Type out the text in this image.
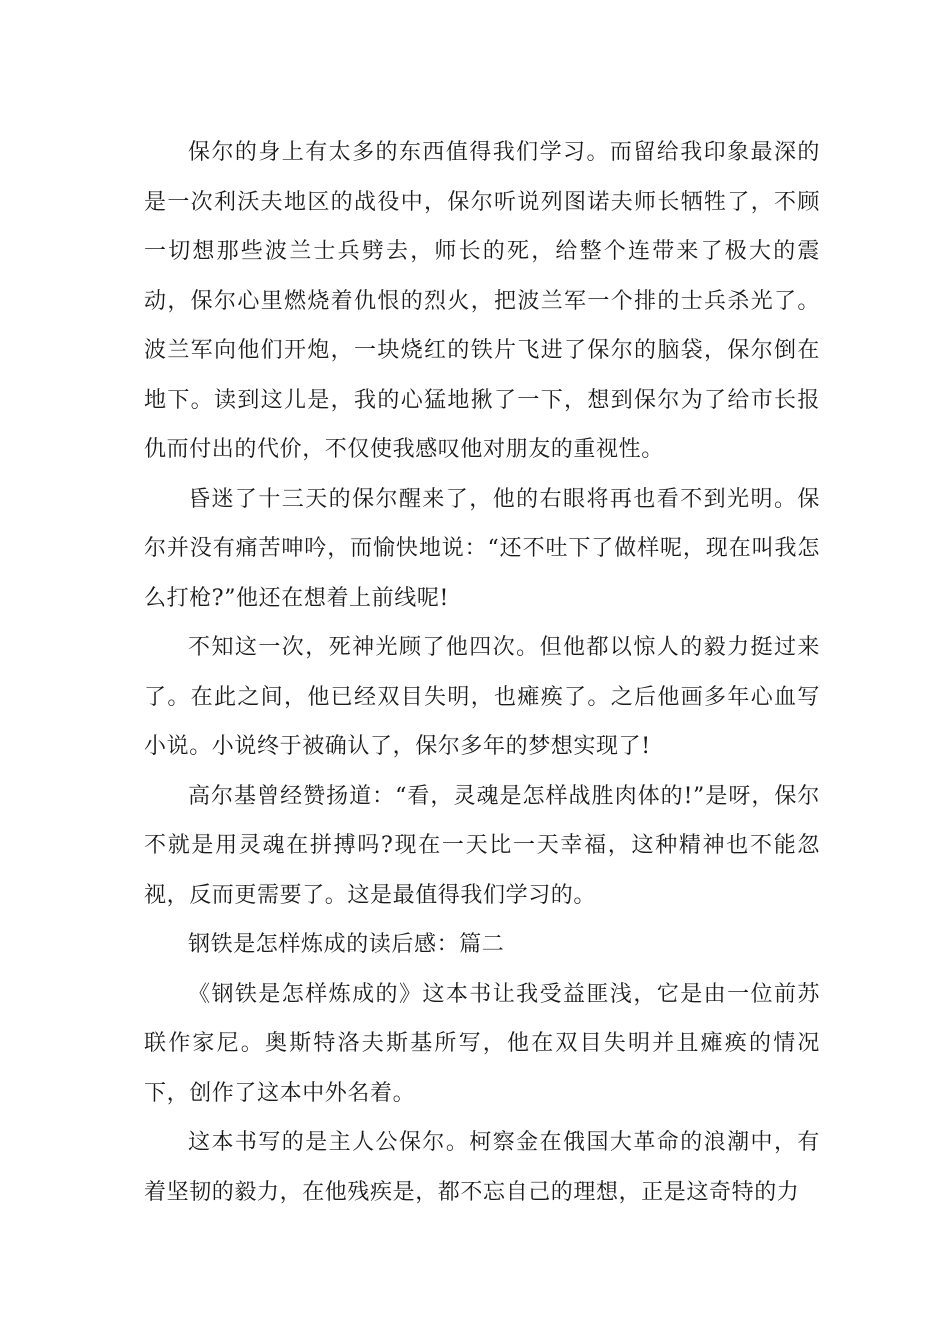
保尔的身上有太多的东西值得我们学习。而留给我印象最深的是一次利沃夫地区的战役中，保尔听说列图诺夫师长牺牲了，不顾一切想那些波兰士兵劈去，师长的死，给整个连带来了极大的震动，保尔心里燃烧着仇恨的烈火，把波兰军一个排的士兵杀光了。波兰军向他们开炮，一块烧红的铁片飞进了保尔的脑袋，保尔倒在地下。读到这儿是，我的心猛地揪了一下，想到保尔为了给市长报仇而付出的代价，不仅使我感叹他对朋友的重视性。

昏迷了十三天的保尔醒来了，他的右眼将再也看不到光明。保尔并没有痛苦呻吟，而愉快地说：“还不吐下了做样呢，现在叫我怎么打枪?”他还在想着上前线呢!

不知这一次，死神光顾了他四次。但他都以惊人的毅力挺过来了。在此之间，他已经双目失明，也瘫痪了。之后他画多年心血写小说。小说终于被确认了，保尔多年的梦想实现了!

高尔基曾经赞扬道：“看，灵魂是怎样战胜肉体的!”是呀，保尔不就是用灵魂在拼搏吗?现在一天比一天幸福，这种精神也不能忽视，反而更需要了。这是最值得我们学习的。

钢铁是怎样炼成的读后感：篇二

《钢铁是怎样炼成的》这本书让我受益匪浅，它是由一位前苏联作家尼。奥斯特洛夫斯基所写，他在双目失明并且瘫痪的情况下，创作了这本中外名着。

这本书写的是主人公保尔。柯察金在俄国大革命的浪潮中，有着坚韧的毅力，在他残疾是，都不忘自己的理想，正是这奇特的力
